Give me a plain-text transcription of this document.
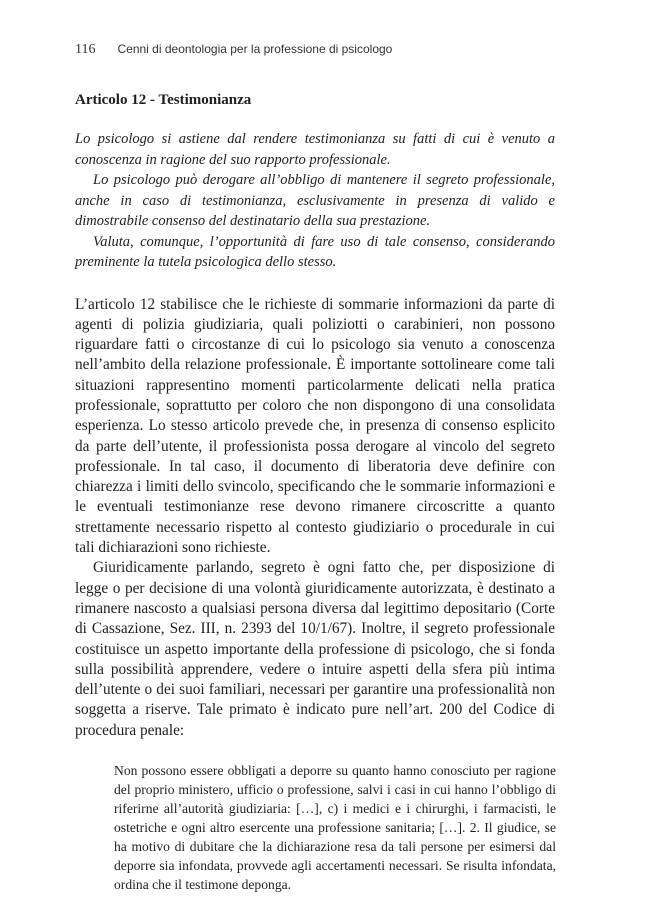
116 Cenni di deontologia per la professione di psicologo
Articolo 12 - Testimonianza

Lo psicologo si astiene dal rendere testimonianza su fatti di cui è venuto a conoscenza in ragione del suo rapporto professionale.

Lo psicologo può derogare all’obbligo di mantenere il segreto professionale, anche in caso di testimonianza, esclusivamente in presenza di valido e dimostrabile consenso del destinatario della sua prestazione.

Valuta, comunque, l’opportunità di fare uso di tale consenso, considerando preminente la tutela psicologica dello stesso.

L’articolo 12 stabilisce che le richieste di sommarie informazioni da parte di agenti di polizia giudiziaria, quali poliziotti o carabinieri, non possono riguardare fatti o circostanze di cui lo psicologo sia venuto a conoscenza nell’ambito della relazione professionale. È importante sottolineare come tali situazioni rappresentino momenti particolarmente delicati nella pratica professionale, soprattutto per coloro che non dispongono di una consolidata esperienza. Lo stesso articolo prevede che, in presenza di consenso esplicito da parte dell’utente, il professionista possa derogare al vincolo del segreto professionale. In tal caso, il documento di liberatoria deve definire con chiarezza i limiti dello svincolo, specificando che le sommarie informazioni e le eventuali testimonianze rese devono rimanere circoscritte a quanto strettamente necessario rispetto al contesto giudiziario o procedurale in cui tali dichiarazioni sono richieste.

Giuridicamente parlando, segreto è ogni fatto che, per disposizione di legge o per decisione di una volontà giuridicamente autorizzata, è destinato a rimanere nascosto a qualsiasi persona diversa dal legittimo depositario (Corte di Cassazione, Sez. III, n. 2393 del 10/1/67). Inoltre, il segreto professionale costituisce un aspetto importante della professione di psicologo, che si fonda sulla possibilità apprendere, vedere o intuire aspetti della sfera più intima dell’utente o dei suoi familiari, necessari per garantire una professionalità non soggetta a riserve. Tale primato è indicato pure nell’art. 200 del Codice di procedura penale:

Non possono essere obbligati a deporre su quanto hanno conosciuto per ragione del proprio ministero, ufficio o professione, salvi i casi in cui hanno l’obbligo di riferirne all’autorità giudiziaria: […], c) i medici e i chirurghi, i farmacisti, le ostetriche e ogni altro esercente una professione sanitaria; […]. 2. Il giudice, se ha motivo di dubitare che la dichiarazione resa da tali persone per esimersi dal deporre sia infondata, provvede agli accertamenti necessari. Se risulta infondata, ordina che il testimone deponga.
